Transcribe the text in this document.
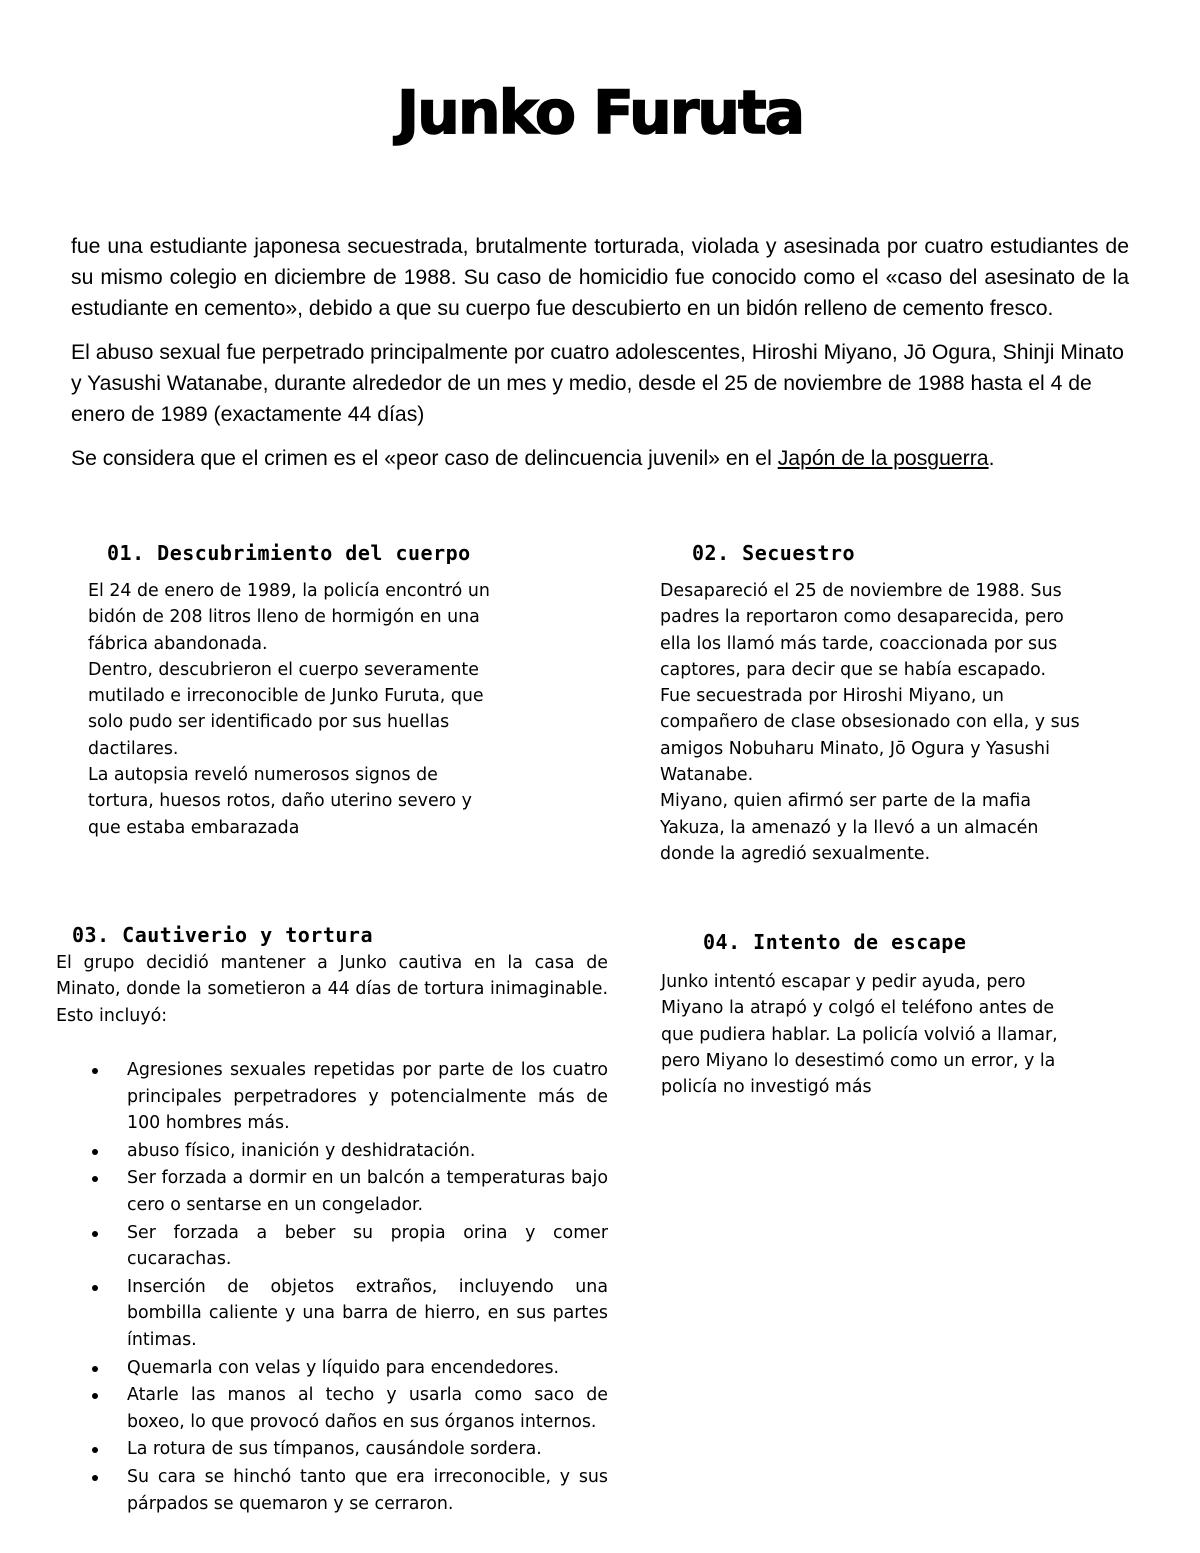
Junko Furuta

fue una estudiante japonesa secuestrada, brutalmente torturada, violada y asesinada por cuatro estudiantes de su mismo colegio en diciembre de 1988. Su caso de homicidio fue conocido como el «caso del asesinato de la estudiante en cemento», debido a que su cuerpo fue descubierto en un bidón relleno de cemento fresco.

El abuso sexual fue perpetrado principalmente por cuatro adolescentes, Hiroshi Miyano, Jō Ogura, Shinji Minato y Yasushi Watanabe, durante alrededor de un mes y medio, desde el 25 de noviembre de 1988 hasta el 4 de enero de 1989 (exactamente 44 días)

Se considera que el crimen es el «peor caso de delincuencia juvenil» en el Japón de la posguerra.

01. Descubrimiento del cuerpo

El 24 de enero de 1989, la policía encontró un bidón de 208 litros lleno de hormigón en una fábrica abandonada.

Dentro, descubrieron el cuerpo severamente mutilado e irreconocible de Junko Furuta, que solo pudo ser identificado por sus huellas dactilares.

La autopsia reveló numerosos signos de tortura, huesos rotos, daño uterino severo y que estaba embarazada

02. Secuestro

Desapareció el 25 de noviembre de 1988. Sus padres la reportaron como desaparecida, pero ella los llamó más tarde, coaccionada por sus captores, para decir que se había escapado.

Fue secuestrada por Hiroshi Miyano, un compañero de clase obsesionado con ella, y sus amigos Nobuharu Minato, Jō Ogura y Yasushi Watanabe.

Miyano, quien afirmó ser parte de la mafia Yakuza, la amenazó y la llevó a un almacén donde la agredió sexualmente.

03. Cautiverio y tortura
El grupo decidió mantener a Junko cautiva en la casa de Minato, donde la sometieron a 44 días de tortura inimaginable. Esto incluyó:
Agresiones sexuales repetidas por parte de los cuatro principales perpetradores y potencialmente más de 100 hombres más.
abuso físico, inanición y deshidratación.
Ser forzada a dormir en un balcón a temperaturas bajo cero o sentarse en un congelador.
Ser forzada a beber su propia orina y comer cucarachas.
Inserción de objetos extraños, incluyendo una bombilla caliente y una barra de hierro, en sus partes íntimas.
Quemarla con velas y líquido para encendedores.
Atarle las manos al techo y usarla como saco de boxeo, lo que provocó daños en sus órganos internos.
La rotura de sus tímpanos, causándole sordera.
Su cara se hinchó tanto que era irreconocible, y sus párpados se quemaron y se cerraron.
04. Intento de escape

Junko intentó escapar y pedir ayuda, pero Miyano la atrapó y colgó el teléfono antes de que pudiera hablar. La policía volvió a llamar, pero Miyano lo desestimó como un error, y la policía no investigó más
